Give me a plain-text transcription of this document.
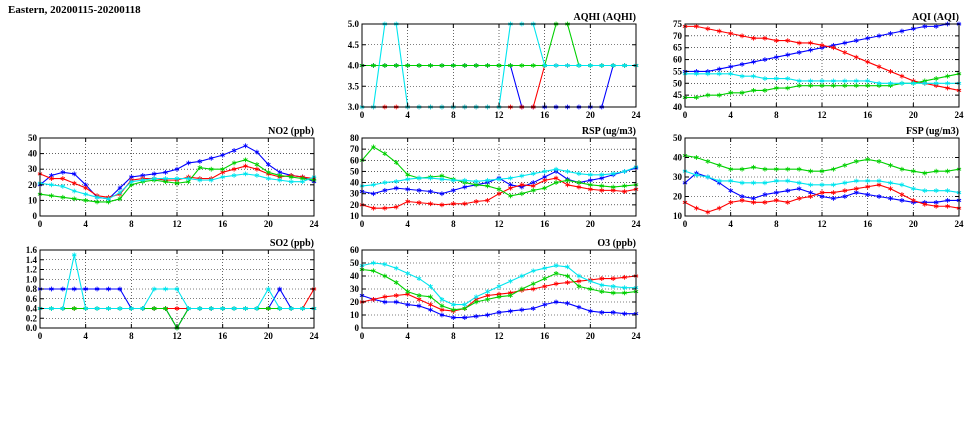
Eastern, 20200115-20200118
0	4	8	12	16	20	24
3.0
3.5
4.0
4.5
5.0
AQHI (AQHI)
0	4	8	12	16	20	24
40
45
50
55
60
65
70
75
AQI (AQI)
0	4	8	12	16	20	24
0
10
20
30
40
50
NO2 (ppb)
0	4	8	12	16	20	24
10
20
30
40
50
60
70
80
RSP (ug/m3)
0	4	8	12	16	20	24
10
20
30
40
50
FSP (ug/m3)
0	4	8	12	16	20	24
0.0
0.2
0.4
0.6
0.8
1.0
1.2
1.4
1.6
SO2 (ppb)
0	4	8	12	16	20	24
0
10
20
30
40
50
60
O3 (ppb)
